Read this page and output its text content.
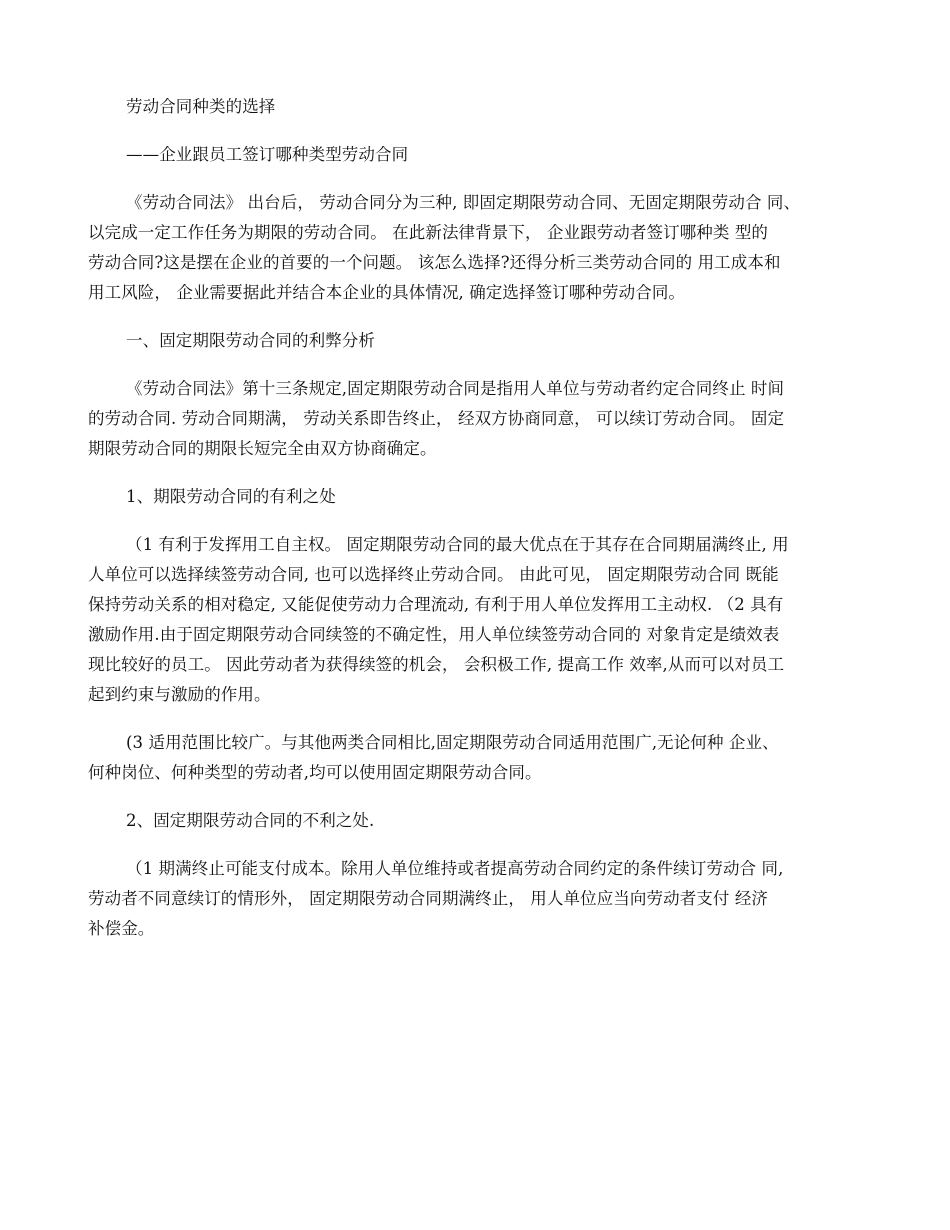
劳动合同种类的选择
——企业跟员工签订哪种类型劳动合同
《劳动合同法》 出台后， 劳动合同分为三种, 即固定期限劳动合同、无固定期限劳动合 同、
以完成一定工作任务为期限的劳动合同。 在此新法律背景下， 企业跟劳动者签订哪种类 型的
劳动合同?这是摆在企业的首要的一个问题。 该怎么选择?还得分析三类劳动合同的 用工成本和
用工风险， 企业需要据此并结合本企业的具体情况, 确定选择签订哪种劳动合同。
一、固定期限劳动合同的利弊分析
《劳动合同法》第十三条规定,固定期限劳动合同是指用人单位与劳动者约定合同终止 时间
的劳动合同. 劳动合同期满， 劳动关系即告终止， 经双方协商同意， 可以续订劳动合同。 固定
期限劳动合同的期限长短完全由双方协商确定。
1、期限劳动合同的有利之处
（1 有利于发挥用工自主权。 固定期限劳动合同的最大优点在于其存在合同期届满终止, 用
人单位可以选择续签劳动合同, 也可以选择终止劳动合同。 由此可见， 固定期限劳动合同 既能
保持劳动关系的相对稳定, 又能促使劳动力合理流动, 有利于用人单位发挥用工主动权. （2 具有
激励作用.由于固定期限劳动合同续签的不确定性，用人单位续签劳动合同的 对象肯定是绩效表
现比较好的员工。 因此劳动者为获得续签的机会， 会积极工作, 提高工作 效率,从而可以对员工
起到约束与激励的作用。
(3 适用范围比较广。与其他两类合同相比,固定期限劳动合同适用范围广,无论何种 企业、
何种岗位、何种类型的劳动者,均可以使用固定期限劳动合同。
2、固定期限劳动合同的不利之处.
（1 期满终止可能支付成本。除用人单位维持或者提高劳动合同约定的条件续订劳动合 同,
劳动者不同意续订的情形外， 固定期限劳动合同期满终止， 用人单位应当向劳动者支付 经济
补偿金。
